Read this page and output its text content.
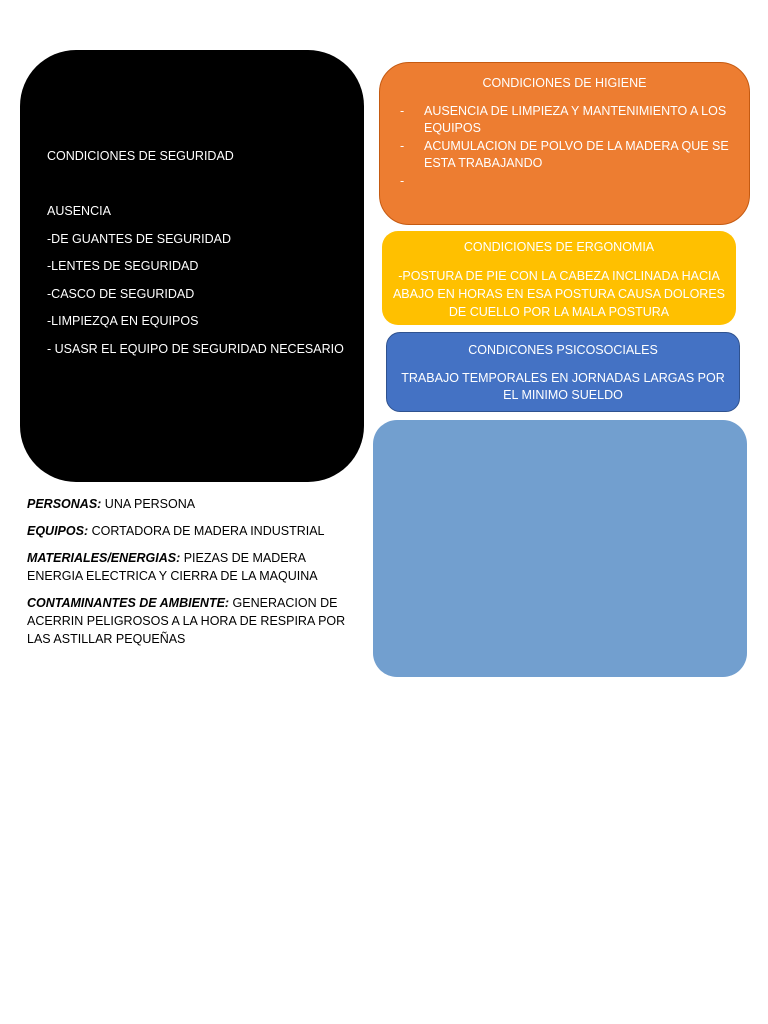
CONDICIONES DE SEGURIDAD
AUSENCIA
-DE GUANTES DE SEGURIDAD
-LENTES DE SEGURIDAD
-CASCO DE SEGURIDAD
-LIMPIEZQA EN EQUIPOS
- USASR EL EQUIPO DE SEGURIDAD NECESARIO
CONDICIONES DE HIGIENE
- AUSENCIA DE LIMPIEZA Y MANTENIMIENTO A LOS EQUIPOS
- ACUMULACION DE POLVO DE LA MADERA QUE SE ESTA TRABAJANDO
-
CONDICIONES DE ERGONOMIA
-POSTURA DE PIE CON LA CABEZA INCLINADA HACIA ABAJO EN HORAS EN ESA POSTURA CAUSA DOLORES DE CUELLO POR LA MALA POSTURA
CONDICONES PSICOSOCIALES
TRABAJO TEMPORALES EN JORNADAS LARGAS POR EL MINIMO SUELDO

PERSONAS: UNA PERSONA

EQUIPOS: CORTADORA DE MADERA INDUSTRIAL

MATERIALES/ENERGIAS: PIEZAS DE MADERA ENERGIA ELECTRICA Y CIERRA DE LA MAQUINA

CONTAMINANTES DE AMBIENTE: GENERACION DE ACERRIN PELIGROSOS A LA HORA DE RESPIRA POR LAS ASTILLAR PEQUEÑAS
